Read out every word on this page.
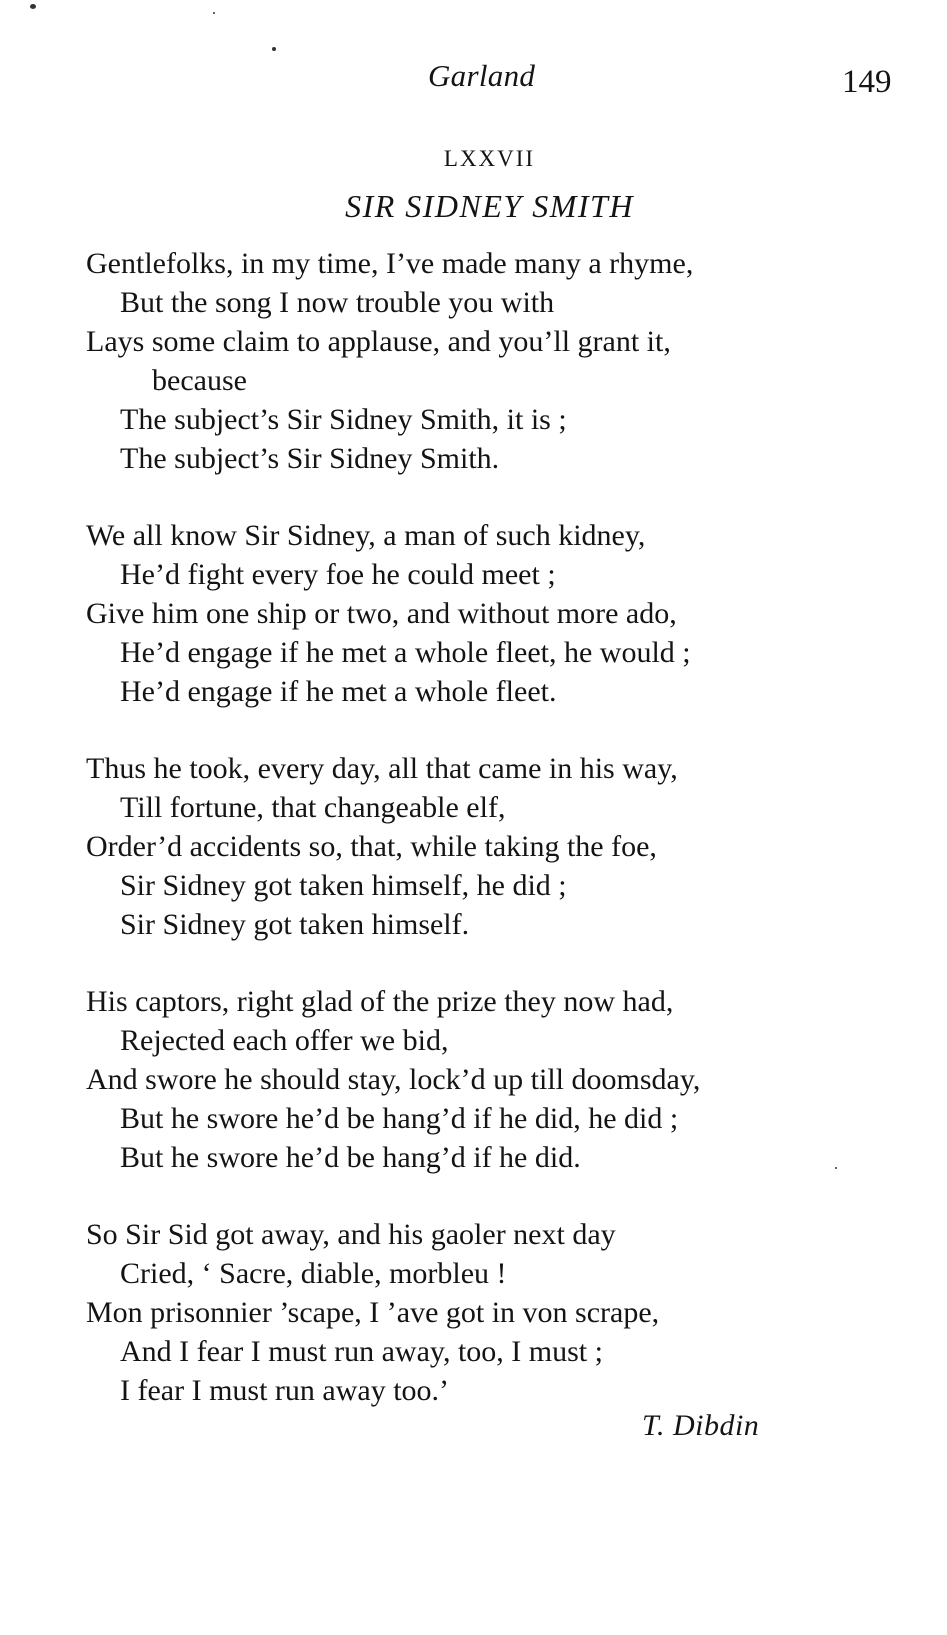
Garland	149
LXXVII
SIR SIDNEY SMITH
Gentlefolks, in my time, I’ve made many a rhyme,
But the song I now trouble you with
Lays some claim to applause, and you’ll grant it,
because
The subject’s Sir Sidney Smith, it is ;
The subject’s Sir Sidney Smith.
We all know Sir Sidney, a man of such kidney,
He’d fight every foe he could meet ;
Give him one ship or two, and without more ado,
He’d engage if he met a whole fleet, he would ;
He’d engage if he met a whole fleet.
Thus he took, every day, all that came in his way,
Till fortune, that changeable elf,
Order’d accidents so, that, while taking the foe,
Sir Sidney got taken himself, he did ;
Sir Sidney got taken himself.
His captors, right glad of the prize they now had,
Rejected each offer we bid,
And swore he should stay, lock’d up till doomsday,
But he swore he’d be hang’d if he did, he did ;
But he swore he’d be hang’d if he did.
So Sir Sid got away, and his gaoler next day
Cried, ‘ Sacre, diable, morbleu !
Mon prisonnier ’scape, I ’ave got in von scrape,
And I fear I must run away, too, I must ;
I fear I must run away too.’
T. Dibdin
